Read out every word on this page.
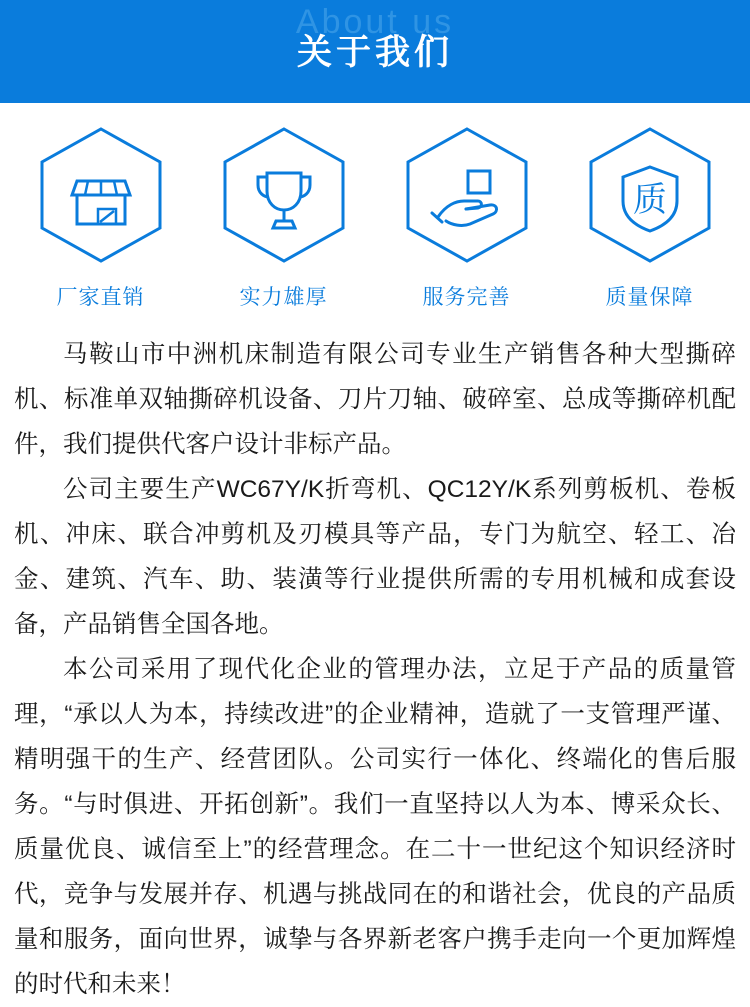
About us
关于我们
厂家直销	实力雄厚	服务完善
质
质量保障

马鞍山市中洲机床制造有限公司专业生产销售各种大型撕碎机、标准单双轴撕碎机设备、刀片刀轴、破碎室、总成等撕碎机配件，我们提供代客户设计非标产品。

公司主要生产WC67Y/K折弯机、QC12Y/K系列剪板机、卷板机、冲床、联合冲剪机及刃模具等产品，专门为航空、轻工、冶金、建筑、汽车、助、装潢等行业提供所需的专用机械和成套设备，产品销售全国各地。

本公司采用了现代化企业的管理办法，立足于产品的质量管理，“承以人为本，持续改进”的企业精神，造就了一支管理严谨、精明强干的生产、经营团队。公司实行一体化、终端化的售后服务。“与时俱进、开拓创新”。我们一直坚持以人为本、博采众长、质量优良、诚信至上”的经营理念。在二十一世纪这个知识经济时代，竞争与发展并存、机遇与挑战同在的和谐社会，优良的产品质量和服务，面向世界，诚挚与各界新老客户携手走向一个更加辉煌的时代和未来！
